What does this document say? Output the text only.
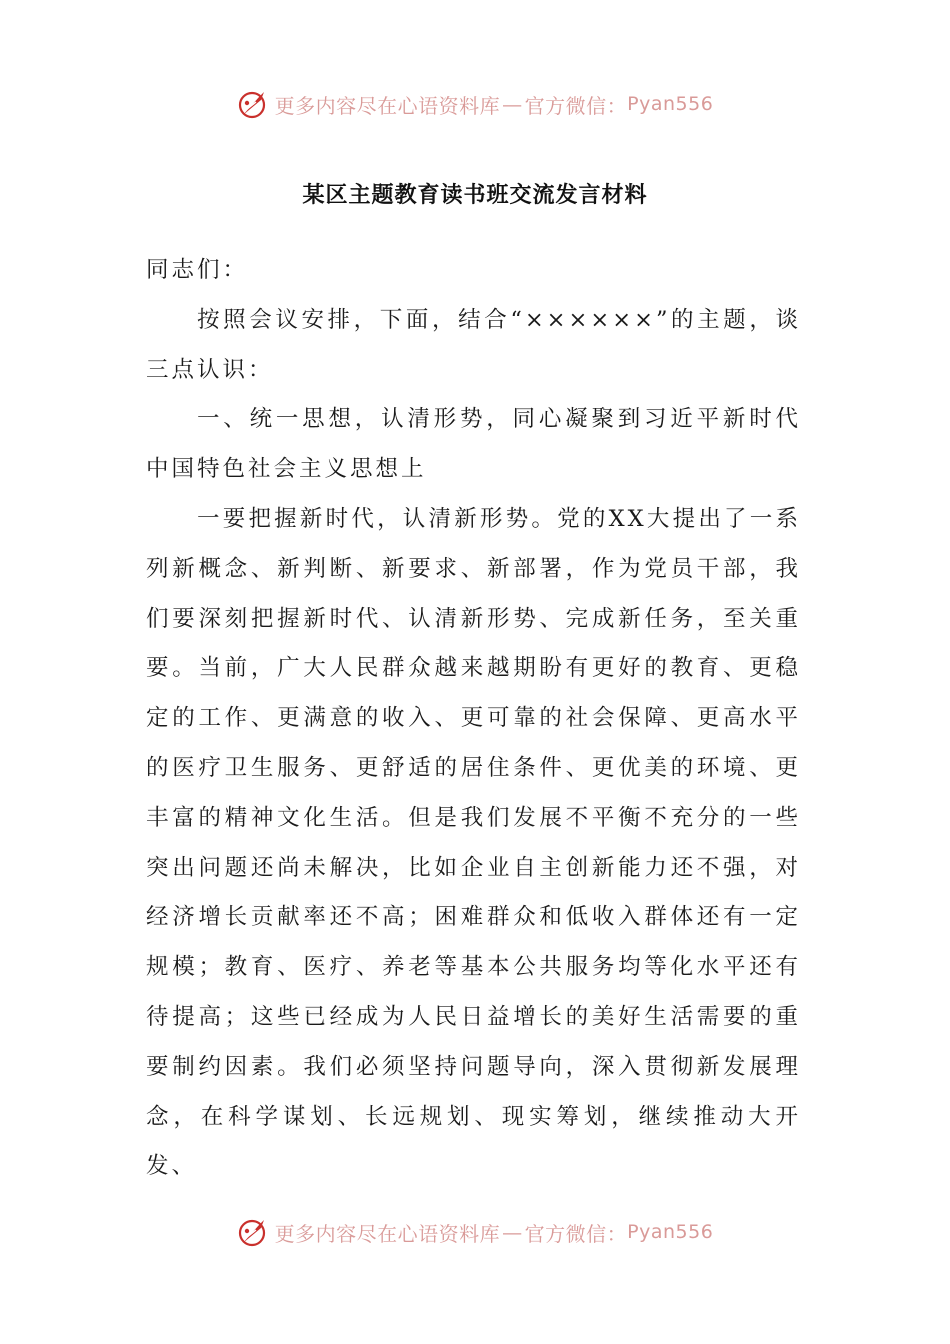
更多内容尽在心语资料库 — 官方微信： Pyan556
某区主题教育读书班交流发言材料

同志们：

按照会议安排，下面，结合“××××××”的主题，谈三点认识：

一、统一思想，认清形势，同心凝聚到习近平新时代中国特色社会主义思想上

一要把握新时代，认清新形势。党的XX大提出了一系列新概念、新判断、新要求、新部署，作为党员干部，我们要深刻把握新时代、认清新形势、完成新任务，至关重要。当前，广大人民群众越来越期盼有更好的教育、更稳定的工作、更满意的收入、更可靠的社会保障、更高水平的医疗卫生服务、更舒适的居住条件、更优美的环境、更丰富的精神文化生活。但是我们发展不平衡不充分的一些突出问题还尚未解决，比如企业自主创新能力还不强，对经济增长贡献率还不高；困难群众和低收入群体还有一定规模；教育、医疗、养老等基本公共服务均等化水平还有待提高；这些已经成为人民日益增长的美好生活需要的重要制约因素。我们必须坚持问题导向，深入贯彻新发展理念，在科学谋划、长远规划、现实筹划，继续推动大开发、

更多内容尽在心语资料库 — 官方微信： Pyan556
